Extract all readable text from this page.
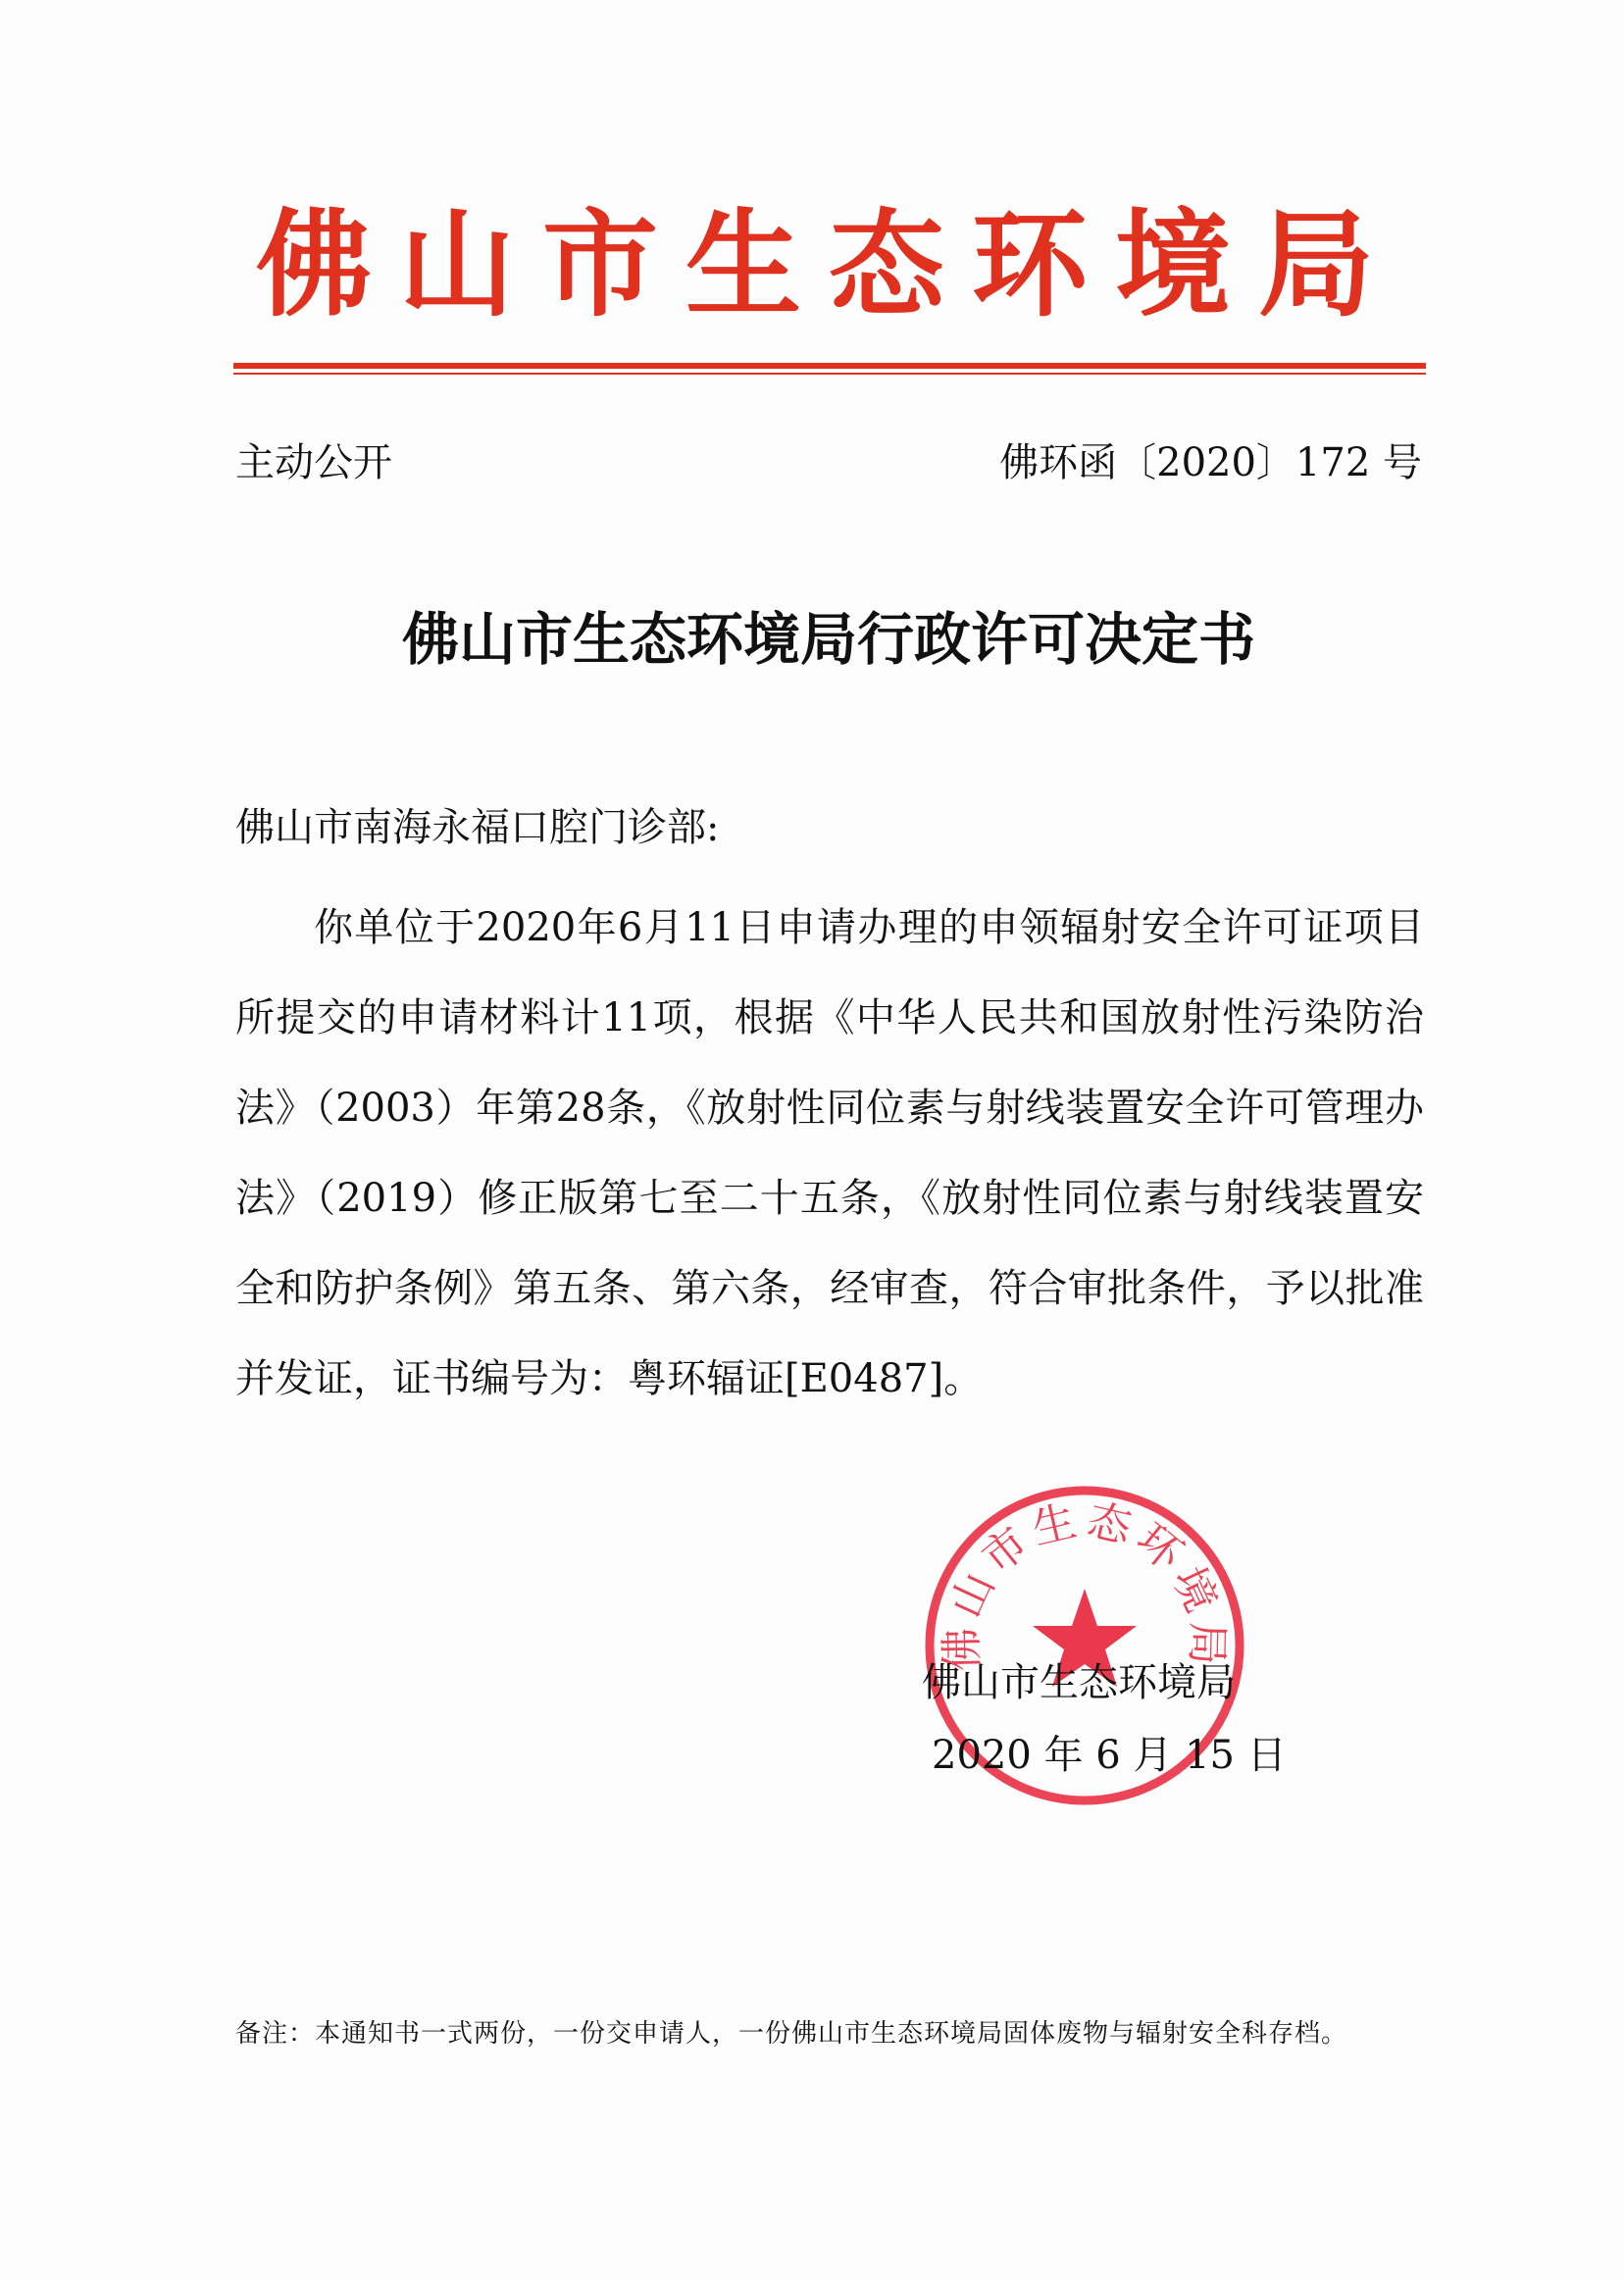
佛山市生态环境局
主动公开	佛环函〔2020〕172 号
佛山市生态环境局行政许可决定书
佛山市南海永福口腔门诊部:
你单位于2020年6月11日申请办理的申领辐射安全许可证项目所提交的申请材料计11项，根据《中华人民共和国放射性污染防治法》（2003）年第28条，《放射性同位素与射线装置安全许可管理办法》（2019）修正版第七至二十五条，《放射性同位素与射线装置安全和防护条例》第五条、第六条，经审查，符合审批条件，予以批准并发证，证书编号为：粤环辐证[E0487]。
佛山市生态环境局
佛山市生态环境局
2020 年 6 月 15 日
备注：本通知书一式两份，一份交申请人，一份佛山市生态环境局固体废物与辐射安全科存档。
